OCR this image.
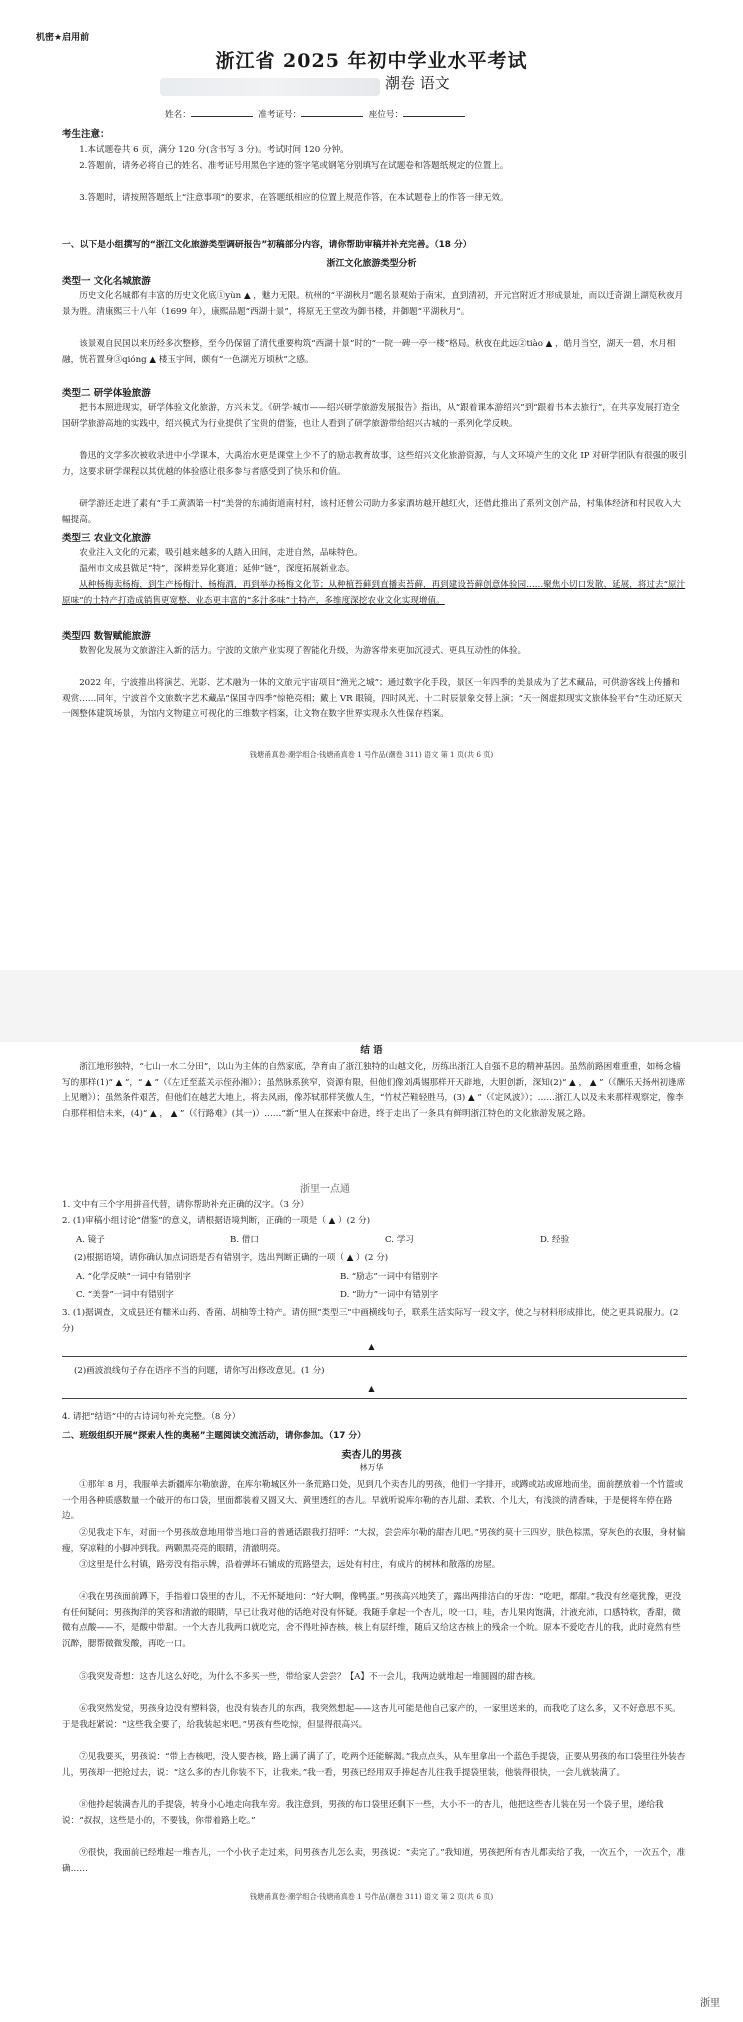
机密★启用前
浙江省 2025 年初中学业水平考试
潮卷 语文
姓名：	准考证号：	座位号：
考生注意：

1.本试题卷共 6 页，满分 120 分(含书写 3 分)。考试时间 120 分钟。

2.答题前，请务必将自己的姓名、准考证号用黑色字迹的签字笔或钢笔分别填写在试题卷和答题纸规定的位置上。

3.答题时，请按照答题纸上“注意事项”的要求，在答题纸相应的位置上规范作答，在本试题卷上的作答一律无效。

一、以下是小组撰写的“浙江文化旅游类型调研报告”初稿部分内容，请你帮助审稿并补充完善。（18 分）
浙江文化旅游类型分析
类型一 文化名城旅游

历史文化名城都有丰富的历史文化底①yùn ▲ ，魅力无限。杭州的“平湖秋月”题名景观始于南宋，直到清初，开元宫附近才形成景址，而以迁奇湖上湖览秋夜月景为胜。清康熙三十八年（1699 年），康熙品题“西湖十景”，将原无王堂改为御书楼，并御题“平湖秋月”。

该景观自民国以来历经多次整修，至今仍保留了清代重要构筑“西湖十景”时的“一院一碑一亭一楼”格局。秋夜在此远②tiào ▲ ，皓月当空，湖天一碧，水月相融，恍若置身③qióng ▲ 楼玉宇间，颇有“一色湖光万顷秋”之感。

类型二 研学体验旅游

把书本照进现实，研学体验文化旅游，方兴未艾。《研学·城市——绍兴研学旅游发展报告》指出，从“跟着课本游绍兴”到“跟着书本去旅行”，在共享发展打造全国研学旅游高地的实践中，绍兴模式为行业提供了宝贵的借鉴，也让人看到了研学旅游带给绍兴古城的一系列化学反映。

鲁迅的文学多次被收录进中小学课本，大禹治水更是课堂上少不了的励志教育故事，这些绍兴文化旅游资源，与人文环境产生的文化 IP 对研学团队有很强的吸引力，这要求研学课程以其优越的体验感让很多参与者感受到了快乐和价值。

研学游还走进了素有“手工黄酒第一村”美誉的东浦街道南村村，该村还曾公司助力多家酒坊越开越红火，还借此推出了系列文创产品，村集体经济和村民收入大幅提高。

类型三 农业文化旅游

农业注入文化的元素，吸引越来越多的人踏入田间，走进自然，品味特色。

温州市文成县做足“特”，深耕差异化赛道；延伸“链”，深度拓展新业态。

从种杨梅卖杨梅，到生产杨梅汁、杨梅酒，再到举办杨梅文化节；从种植苔藓到直播卖苔藓，再到建设苔藓创意体验园……聚焦小切口发散、延展，将过去“原汁原味”的土特产打造成销售更宽整、业态更丰富的“多汁多味”土特产，多维度深挖农业文化实现增值。

类型四 数智赋能旅游

数智化发展为文旅游注入新的活力。宁波的文旅产业实现了智能化升级，为游客带来更加沉浸式、更具互动性的体验。

2022 年，宁波推出将演艺、光影、艺术融为一体的文旅元宇宙项目“渔光之城”；通过数字化手段，景区一年四季的美景成为了艺术藏品，可供游客线上传播和观赏……同年，宁波首个文旅数字艺术藏品“保国寺四季”惊艳亮相；戴上 VR 眼镜，四时风光、十二时辰景象交替上演；“天一阁虚拟现实文旅体验平台”生动还原天一阁整体建筑场景，为馆内文物建立可视化的三维数字档案，让文物在数字世界实现永久性保存档案。

钱塘甬真卷·潮学组合·钱塘甬真卷 1 号作品(潮卷 311) 语文 第 1 页(共 6 页)
结 语

浙江地形独特，“七山一水二分田”，以山为主体的自然家底，孕育由了浙江独特的山越文化，历练出浙江人自强不息的精神基因。虽然前路困难重重，如杨念樯写的那样(1)“ ▲ ”，“ ▲ ”（《左迁至蓝关示侄孙湘》）；虽然脉系狭窄，资源有限，但他们像刘禹锡那样开天辟地，大胆创新，深知(2)“ ▲ ， ▲ ”（《酬乐天扬州初逢席上见赠》）；虽然条件艰苦，但他们在越艺大地上，将去风雨，像苏轼那样笑傲人生，“竹杖芒鞋轻胜马，(3) ▲ ”（《定风波》）；……浙江人以及未来那样观察定，像李白那样相信未来，(4)“ ▲ ， ▲ ”（《行路难》(其一)）……“新”里人在探索中奋进，终于走出了一条具有鲜明浙江特色的文化旅游发展之路。

浙里一点通

1. 文中有三个字用拼音代替，请你帮助补充正确的汉字。（3 分）

2. (1)审稿小组讨论“借鉴”的意义，请根据语境判断，正确的一项是（ ▲ ）(2 分)

A. 镜子	B. 借口	C. 学习	D. 经验

(2)根据语境，请你确认加点词语是否有错别字，选出判断正确的一项（ ▲ ）(2 分)

A. “化学反映”一词中有错别字	B. “励志”一词中有错别字
C. “美誉”一词中有错别字	D. “助力”一词中有错别字

3. (1)据调查，文成县还有糯米山药、香菌、胡柚等土特产。请仿照“类型三”中画横线句子，联系生活实际写一段文字，使之与材料形成排比，使之更具说服力。(2 分)

▲

(2)画波浪线句子存在语序不当的问题，请你写出修改意见。(1 分)

▲

4. 请把“结语”中的古诗词句补充完整。（8 分）

二、班级组织开展“探索人性的奥秘”主题阅读交流活动，请你参加。（17 分）
卖杏儿的男孩
林万华

①那年 8 月，我服单去新疆库尔勒旅游，在库尔勒城区外一条荒路口处，见到几个卖杏儿的男孩，他们一字排开，或蹲或站或席地而坐，面前摆放着一个竹篮或一个用各种质感数量一个破开的布口袋，里面都装着又圆又大、黄里透红的杏儿。早就听说库尔勒的杏儿甜、柔软、个儿大，有浅淡的清香味，于是便将车停在路边。

②见我走下车，对面一个男孩故意地用带当地口音的普通话跟我打招呼：“大叔，尝尝库尔勒的甜杏儿吧。”男孩约莫十三四岁，肤色棕黑，穿灰色的衣服，身材偏瘦，穿凉鞋的小脚冲到我。两颗黑亮亮的眼睛，清澈明亮。

③这里是什么村镇，路旁没有指示牌，沿着弹坏石铺成的荒路望去，远处有村庄，有成片的树林和散落的房屋。

④我在男孩面前蹲下，手指着口袋里的杏儿，不无怀疑地问：“好大啊，像鸭蛋。”男孩高兴地笑了，露出两排洁白的牙齿：“吃吧，都甜。”我没有丝毫犹豫，更没有任何疑问；男孩掏洋的笑容和清澈的眼睛，早已让我对他的话绝对没有怀疑。我随手拿起一个杏儿，咬一口，哇，杏儿果肉饱满，汁液充沛，口感特软，香甜，微微有点酸——不，是酸中带甜。一个大杏儿我两口就吃完，舍不得吐掉杏核，核上有层纤维，随后又给这杏核上的残余一个吮。原本不爱吃杏儿的我，此时竟然有些沉醉，腮帮微微发酸，再吃一口。

⑤我突发奇想：这杏儿这么好吃，为什么不多买一些，带给家人尝尝？【A】不一会儿，我两边就堆起一堆圆圆的甜杏核。

⑥我突然发觉，男孩身边没有塑料袋，也没有装杏儿的东西，我突然想起——这杏儿可能是他自己家产的，一家里送来的，而我吃了这么多，又不好意思不买。于是我赶紧说：“这些我全要了，给我装起来吧。”男孩有些吃惊，但显得很高兴。

⑦见我要买，男孩说：“带上杏核吧，没人要杏核，路上满了满了了，吃两个还能解渴。”我点点头，从车里拿出一个蓝色手提袋，正要从男孩的布口袋里往外装杏儿，男孩却一把抢过去，说：“这么多的杏儿你装不下，让我来。”我一看，男孩已经用双手捧起杏儿往我手提袋里装，他装得很快，一会儿就装满了。

⑧他拎起装满杏儿的手提袋，转身小心地走向我车旁。我注意到，男孩的布口袋里还剩下一些，大小不一的杏儿，他把这些杏儿装在另一个袋子里，递给我说：“叔叔，这些是小的，不要钱，你带着路上吃。”

⑨很快，我面前已经堆起一堆杏儿，一个小伙子走过来，问男孩杏儿怎么卖，男孩说：“卖完了。”我知道，男孩把所有杏儿都卖给了我，一次五个，一次五个，准确……

钱塘甬真卷·潮学组合·钱塘甬真卷 1 号作品(潮卷 311) 语文 第 2 页(共 6 页)
浙里
